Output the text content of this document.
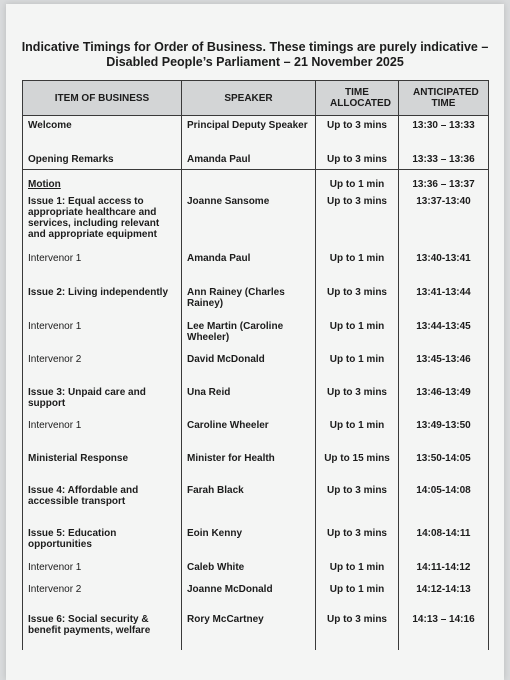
Indicative Timings for Order of Business. These timings are purely indicative –
Disabled People’s Parliament – 21 November 2025
ITEM OF BUSINESS	SPEAKER	TIME ALLOCATED	ANTICIPATED TIME
Welcome	Principal Deputy Speaker	Up to 3 mins	13:30 – 13:33
Opening Remarks	Amanda Paul	Up to 3 mins	13:33 – 13:36
Motion		Up to 1 min	13:36 – 13:37
Issue 1: Equal access to appropriate healthcare and services, including relevant and appropriate equipment	Joanne Sansome	Up to 3 mins	13:37-13:40
Intervenor 1	Amanda Paul	Up to 1 min	13:40-13:41
Issue 2: Living independently	Ann Rainey (Charles Rainey)	Up to 3 mins	13:41-13:44
Intervenor 1	Lee Martin (Caroline Wheeler)	Up to 1 min	13:44-13:45
Intervenor 2	David McDonald	Up to 1 min	13:45-13:46
Issue 3: Unpaid care and support	Una Reid	Up to 3 mins	13:46-13:49
Intervenor 1	Caroline Wheeler	Up to 1 min	13:49-13:50
Ministerial Response	Minister for Health	Up to 15 mins	13:50-14:05
Issue 4: Affordable and accessible transport	Farah Black	Up to 3 mins	14:05-14:08
Issue 5: Education opportunities	Eoin Kenny	Up to 3 mins	14:08-14:11
Intervenor 1	Caleb White	Up to 1 min	14:11-14:12
Intervenor 2	Joanne McDonald	Up to 1 min	14:12-14:13
Issue 6: Social security & benefit payments, welfare	Rory McCartney	Up to 3 mins	14:13 – 14:16
